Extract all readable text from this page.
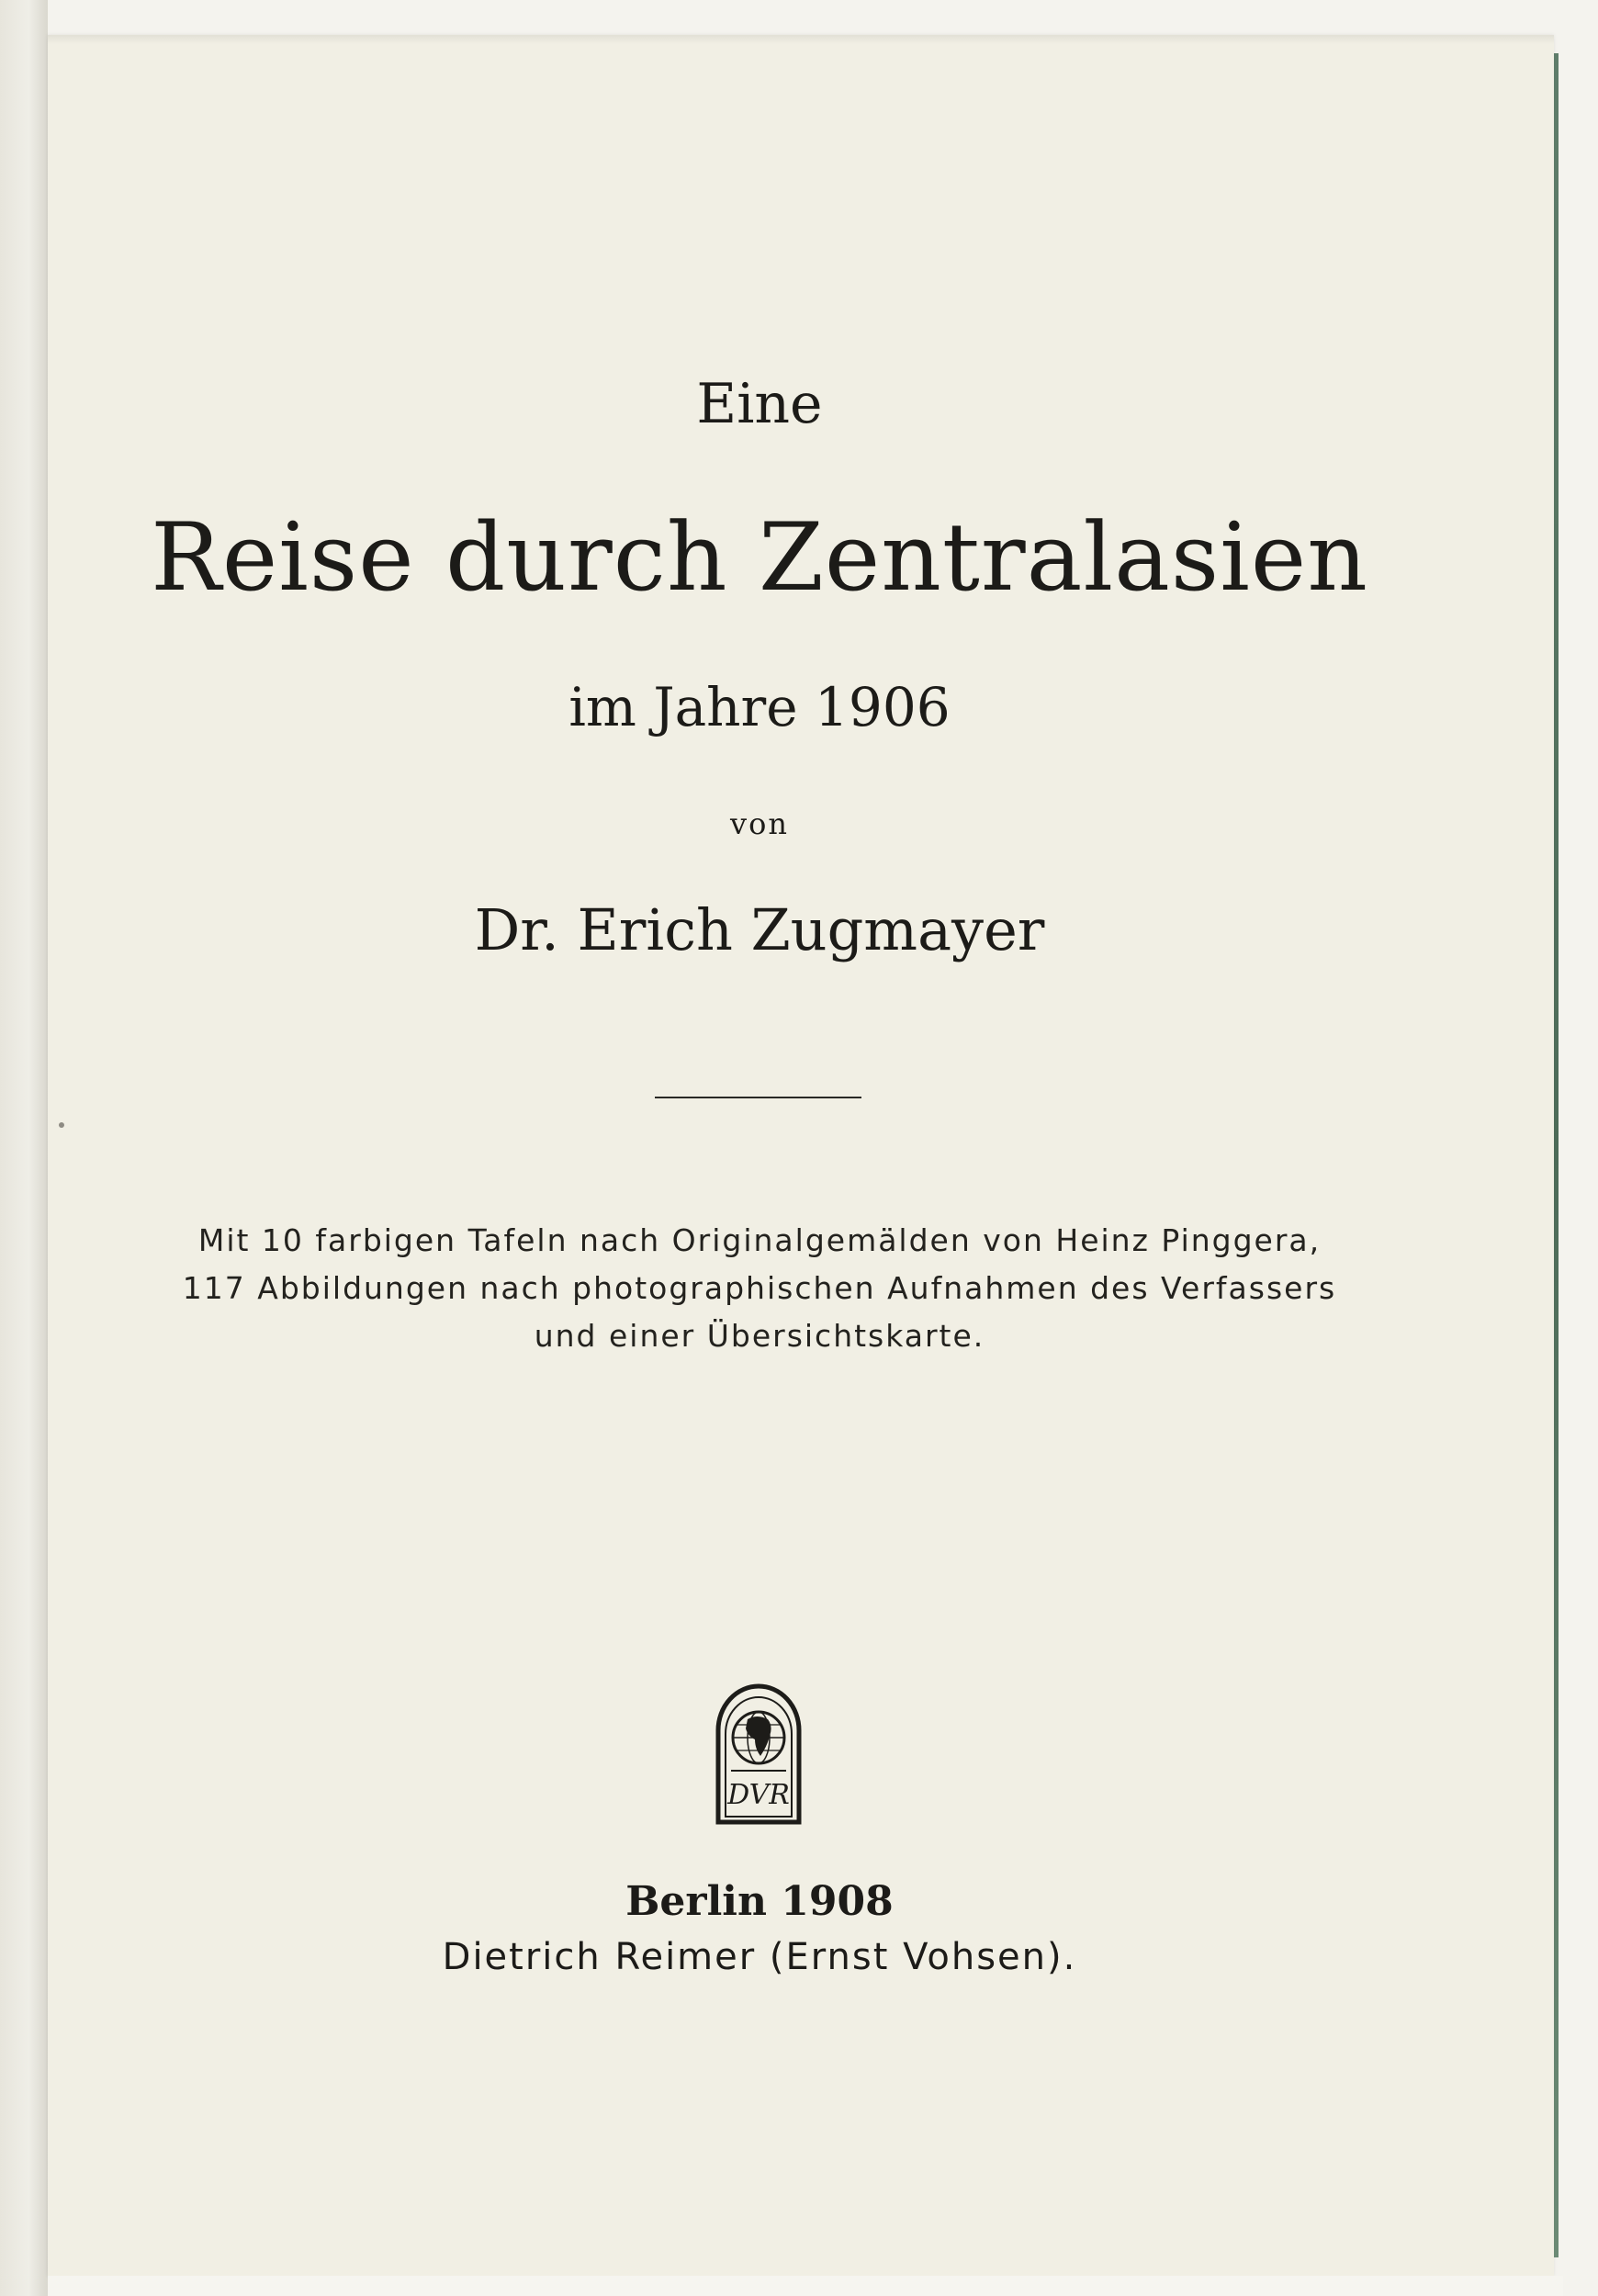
Eine

Reise durch Zentralasien

im Jahre 1906

von

Dr. Erich Zugmayer

Mit 10 farbigen Tafeln nach Originalgemälden von Heinz Pinggera,

117 Abbildungen nach photographischen Aufnahmen des Verfassers

und einer Übersichtskarte.

DVR

Berlin 1908

Dietrich Reimer (Ernst Vohsen).
